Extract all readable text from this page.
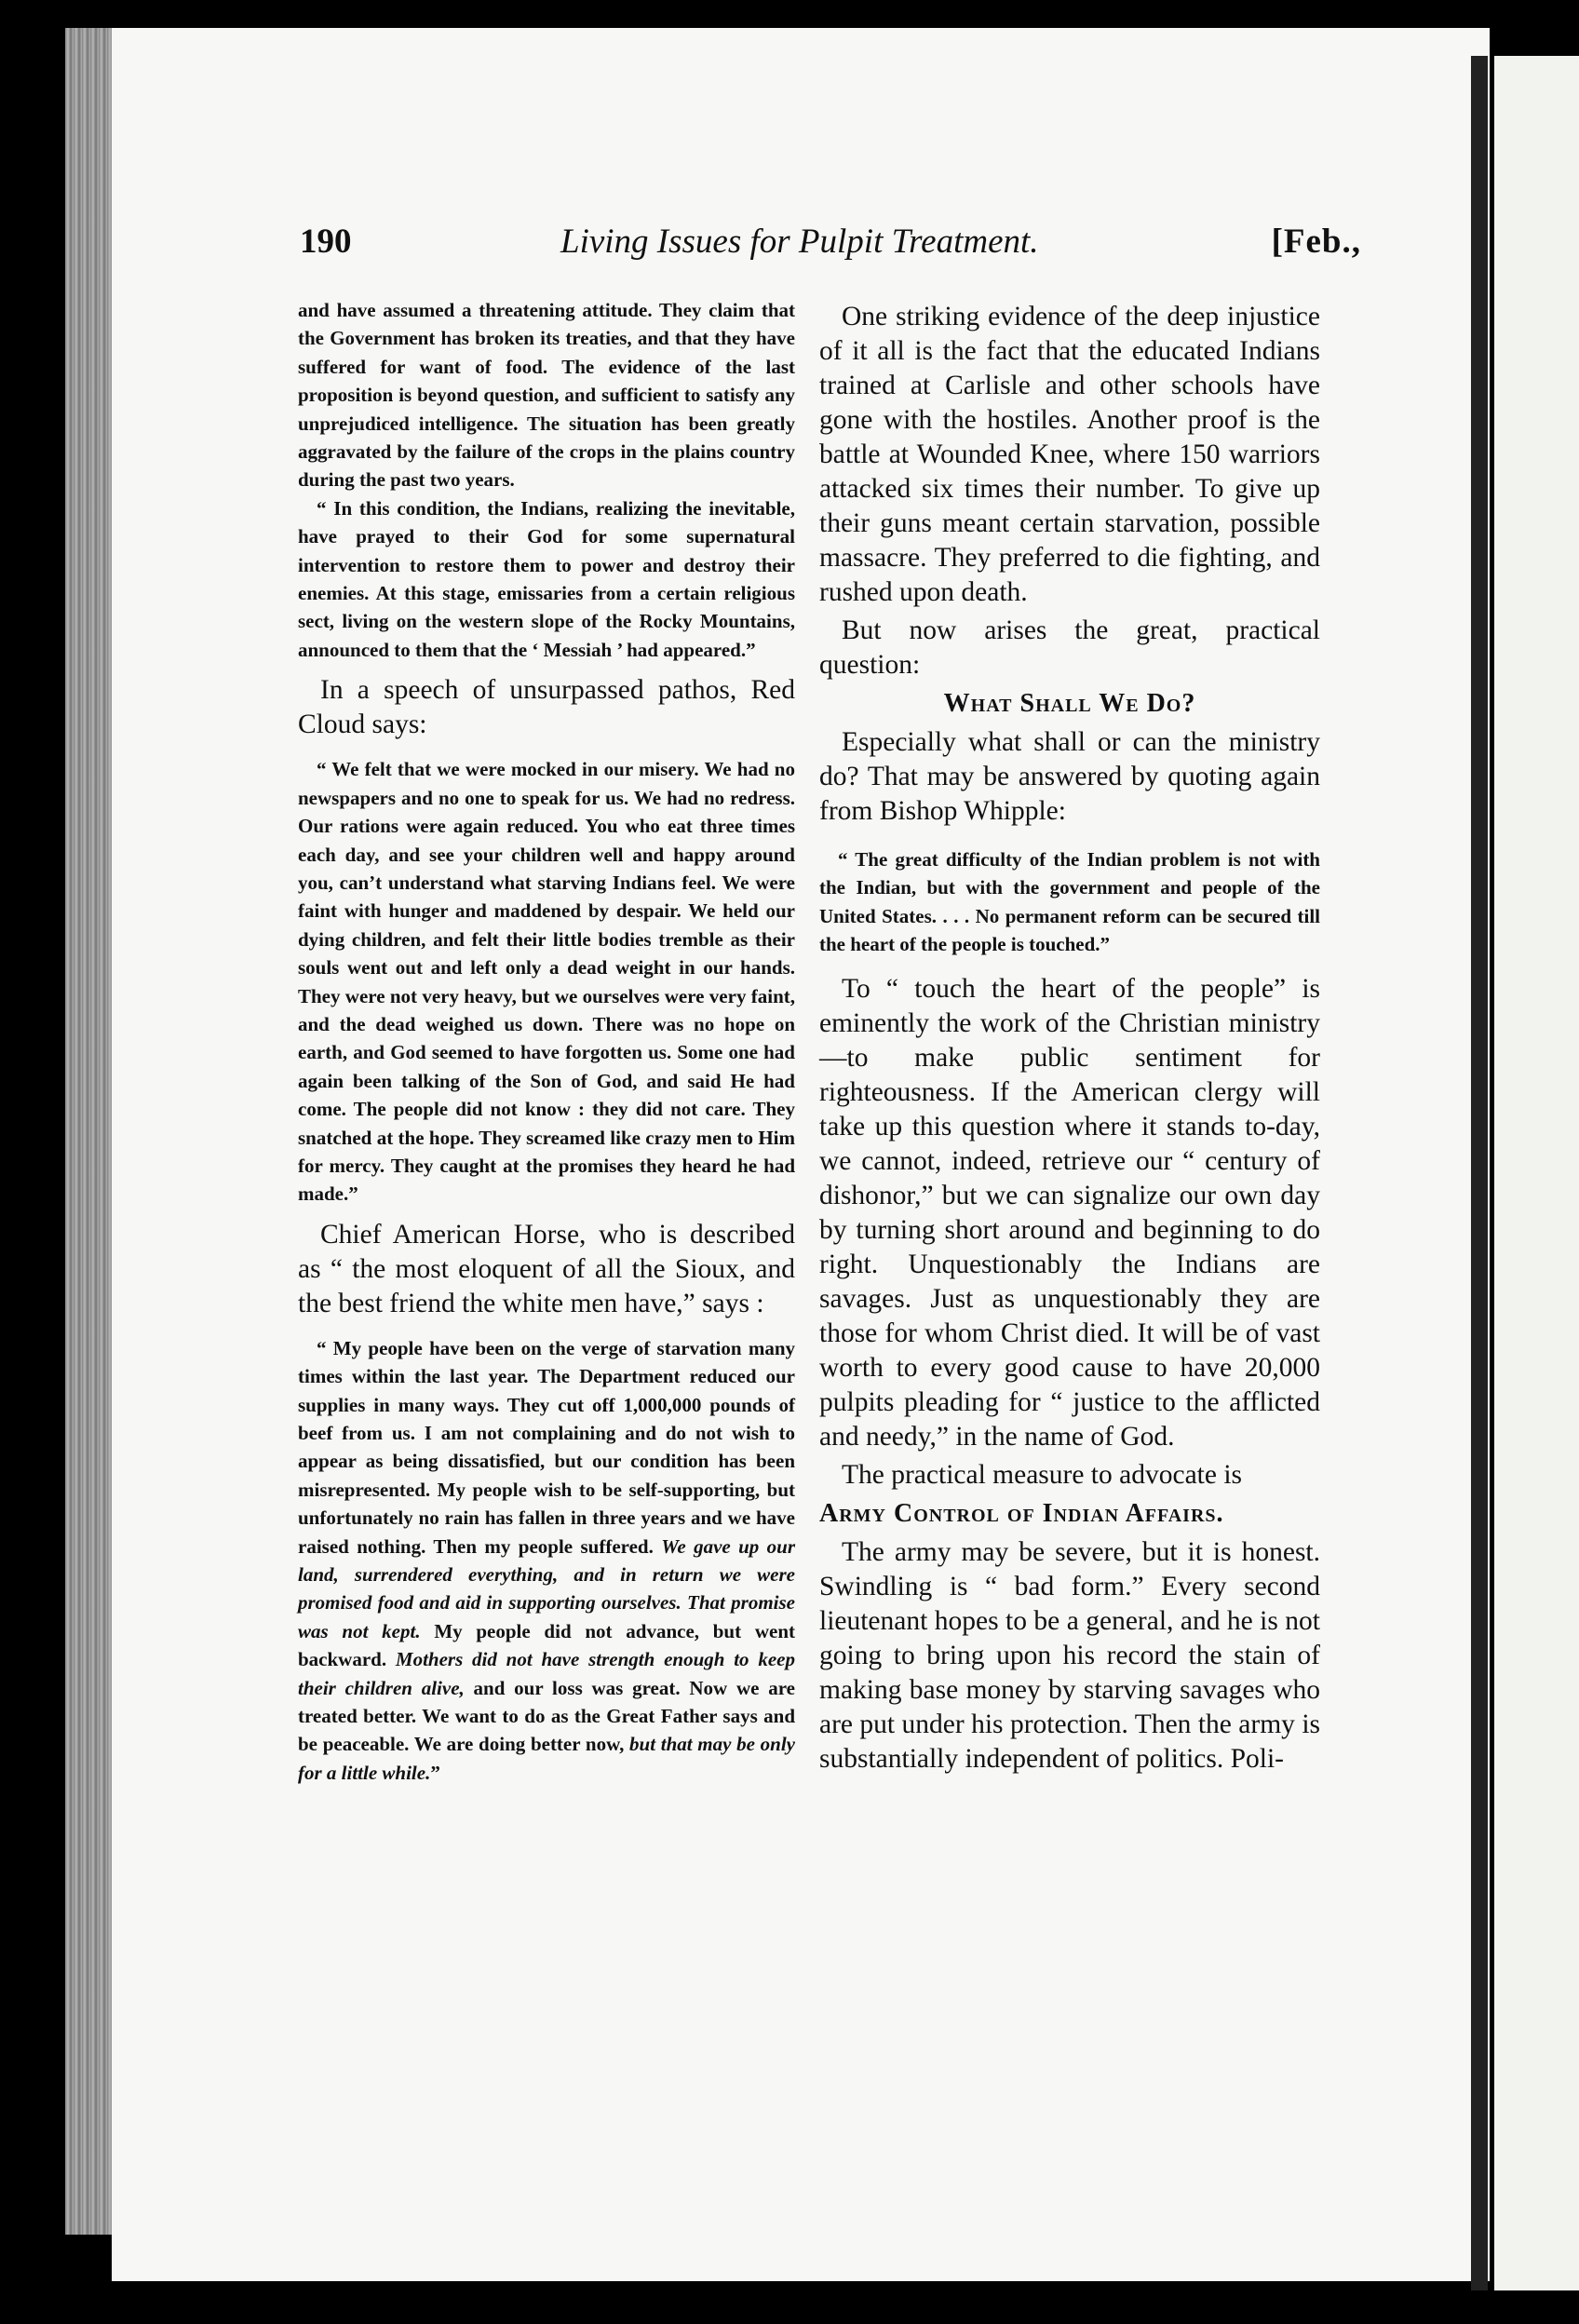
190	Living Issues for Pulpit Treatment.	[Feb.,

and have assumed a threatening attitude. They claim that the Government has broken its treaties, and that they have suffered for want of food. The evidence of the last proposition is beyond question, and sufficient to satisfy any unprejudiced intelligence. The situation has been greatly aggravated by the failure of the crops in the plains country during the past two years.

“ In this condition, the Indians, realizing the inevitable, have prayed to their God for some supernatural intervention to restore them to power and destroy their enemies. At this stage, emissaries from a certain religious sect, living on the western slope of the Rocky Mountains, announced to them that the ‘ Messiah ’ had appeared.”

In a speech of unsurpassed pathos, Red Cloud says:

“ We felt that we were mocked in our misery. We had no newspapers and no one to speak for us. We had no redress. Our rations were again reduced. You who eat three times each day, and see your children well and happy around you, can’t understand what starving Indians feel. We were faint with hunger and maddened by despair. We held our dying children, and felt their little bodies tremble as their souls went out and left only a dead weight in our hands. They were not very heavy, but we ourselves were very faint, and the dead weighed us down. There was no hope on earth, and God seemed to have forgotten us. Some one had again been talking of the Son of God, and said He had come. The people did not know : they did not care. They snatched at the hope. They screamed like crazy men to Him for mercy. They caught at the promises they heard he had made.”

Chief American Horse, who is described as “ the most eloquent of all the Sioux, and the best friend the white men have,” says :

“ My people have been on the verge of starvation many times within the last year. The Department reduced our supplies in many ways. They cut off 1,000,000 pounds of beef from us. I am not complaining and do not wish to appear as being dissatisfied, but our condition has been misrepresented. My people wish to be self-supporting, but unfortunately no rain has fallen in three years and we have raised nothing. Then my people suffered. We gave up our land, surrendered everything, and in return we were promised food and aid in supporting ourselves. That promise was not kept. My people did not advance, but went backward. Mothers did not have strength enough to keep their children alive, and our loss was great. Now we are treated better. We want to do as the Great Father says and be peaceable. We are doing better now, but that may be only for a little while.”

One striking evidence of the deep injustice of it all is the fact that the educated Indians trained at Carlisle and other schools have gone with the hostiles. Another proof is the battle at Wounded Knee, where 150 warriors attacked six times their number. To give up their guns meant certain starvation, possible massacre. They preferred to die fighting, and rushed upon death.

But now arises the great, practical question:

What Shall We Do?

Especially what shall or can the ministry do? That may be answered by quoting again from Bishop Whipple:

“ The great difficulty of the Indian problem is not with the Indian, but with the government and people of the United States. . . . No permanent reform can be secured till the heart of the people is touched.”

To “ touch the heart of the people” is eminently the work of the Christian ministry—to make public sentiment for righteousness. If the American clergy will take up this question where it stands to-day, we cannot, indeed, retrieve our “ century of dishonor,” but we can signalize our own day by turning short around and beginning to do right. Unquestionably the Indians are savages. Just as unquestionably they are those for whom Christ died. It will be of vast worth to every good cause to have 20,000 pulpits pleading for “ justice to the afflicted and needy,” in the name of God.

The practical measure to advocate is

Army Control of Indian Affairs.

The army may be severe, but it is honest. Swindling is “ bad form.” Every second lieutenant hopes to be a general, and he is not going to bring upon his record the stain of making base money by starving savages who are put under his protection. Then the army is substantially independent of politics. Poli-
